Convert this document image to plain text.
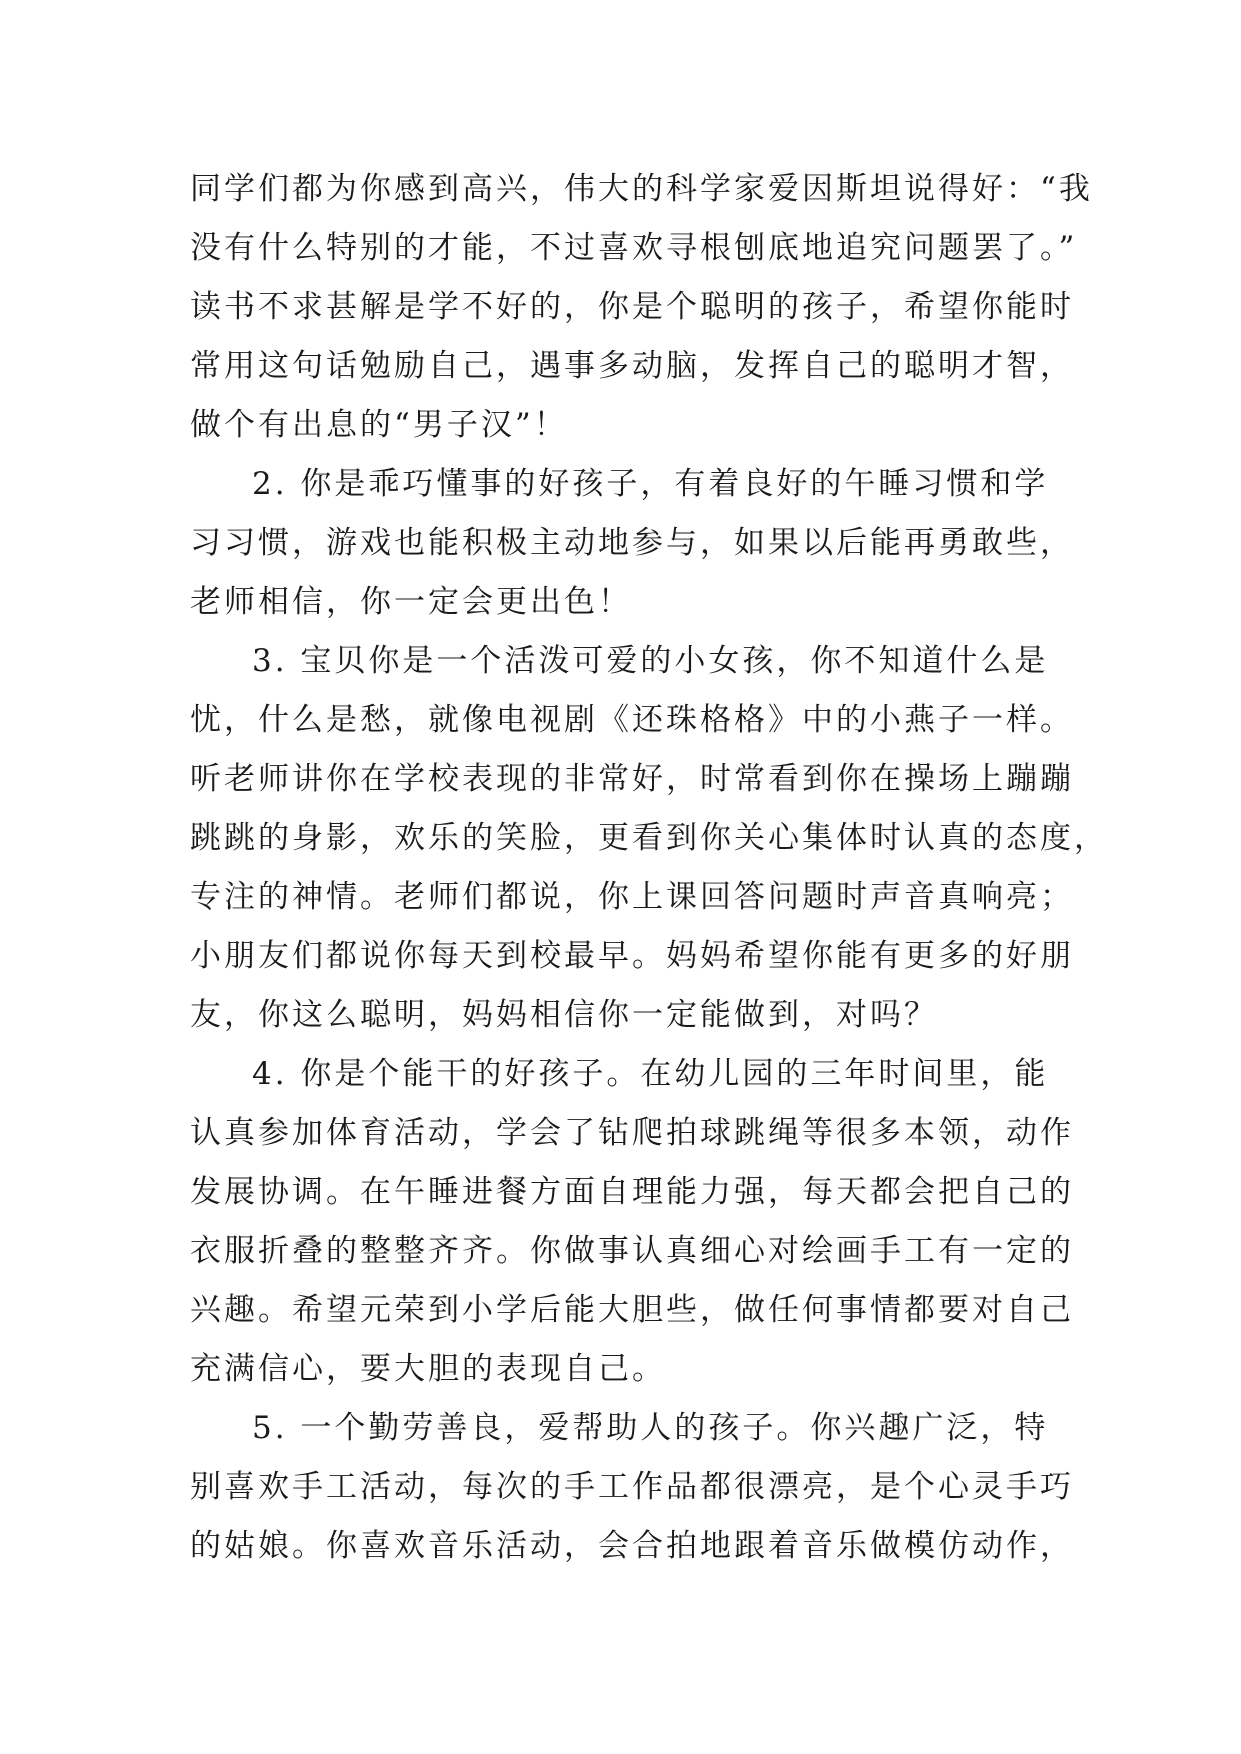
同学们都为你感到高兴，伟大的科学家爱因斯坦说得好：“我
没有什么特别的才能，不过喜欢寻根刨底地追究问题罢了。”
读书不求甚解是学不好的，你是个聪明的孩子，希望你能时
常用这句话勉励自己，遇事多动脑，发挥自己的聪明才智，
做个有出息的“男子汉”！
2. 你是乖巧懂事的好孩子，有着良好的午睡习惯和学
习习惯，游戏也能积极主动地参与，如果以后能再勇敢些，
老师相信，你一定会更出色！
3. 宝贝你是一个活泼可爱的小女孩，你不知道什么是
忧，什么是愁，就像电视剧《还珠格格》中的小燕子一样。
听老师讲你在学校表现的非常好，时常看到你在操场上蹦蹦
跳跳的身影，欢乐的笑脸，更看到你关心集体时认真的态度，
专注的神情。老师们都说，你上课回答问题时声音真响亮；
小朋友们都说你每天到校最早。妈妈希望你能有更多的好朋
友，你这么聪明，妈妈相信你一定能做到，对吗？
4. 你是个能干的好孩子。在幼儿园的三年时间里，能
认真参加体育活动，学会了钻爬拍球跳绳等很多本领，动作
发展协调。在午睡进餐方面自理能力强，每天都会把自己的
衣服折叠的整整齐齐。你做事认真细心对绘画手工有一定的
兴趣。希望元荣到小学后能大胆些，做任何事情都要对自己
充满信心，要大胆的表现自己。
5. 一个勤劳善良，爱帮助人的孩子。你兴趣广泛，特
别喜欢手工活动，每次的手工作品都很漂亮，是个心灵手巧
的姑娘。你喜欢音乐活动，会合拍地跟着音乐做模仿动作，
